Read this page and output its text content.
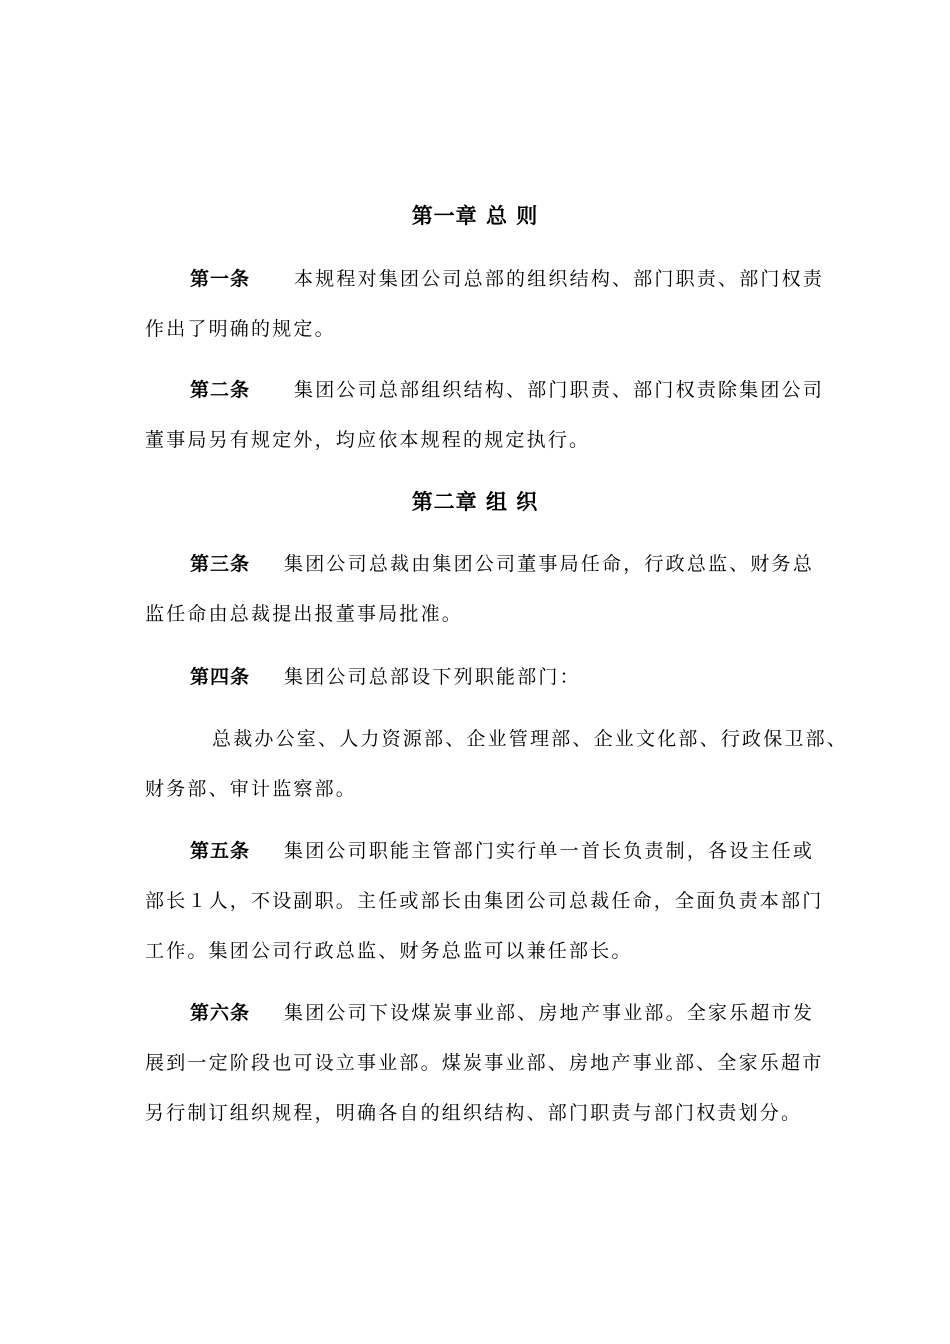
第一章 总 则

第一条 本规程对集团公司总部的组织结构、部门职责、部门权责

作出了明确的规定。

第二条 集团公司总部组织结构、部门职责、部门权责除集团公司

董事局另有规定外，均应依本规程的规定执行。

第二章 组 织

第三条 集团公司总裁由集团公司董事局任命，行政总监、财务总

监任命由总裁提出报董事局批准。

第四条 集团公司总部设下列职能部门：

总裁办公室、人力资源部、企业管理部、企业文化部、行政保卫部、

财务部、审计监察部。

第五条 集团公司职能主管部门实行单一首长负责制，各设主任或

部长１人，不设副职。主任或部长由集团公司总裁任命，全面负责本部门

工作。集团公司行政总监、财务总监可以兼任部长。

第六条 集团公司下设煤炭事业部、房地产事业部。全家乐超市发

展到一定阶段也可设立事业部。煤炭事业部、房地产事业部、全家乐超市

另行制订组织规程，明确各自的组织结构、部门职责与部门权责划分。
